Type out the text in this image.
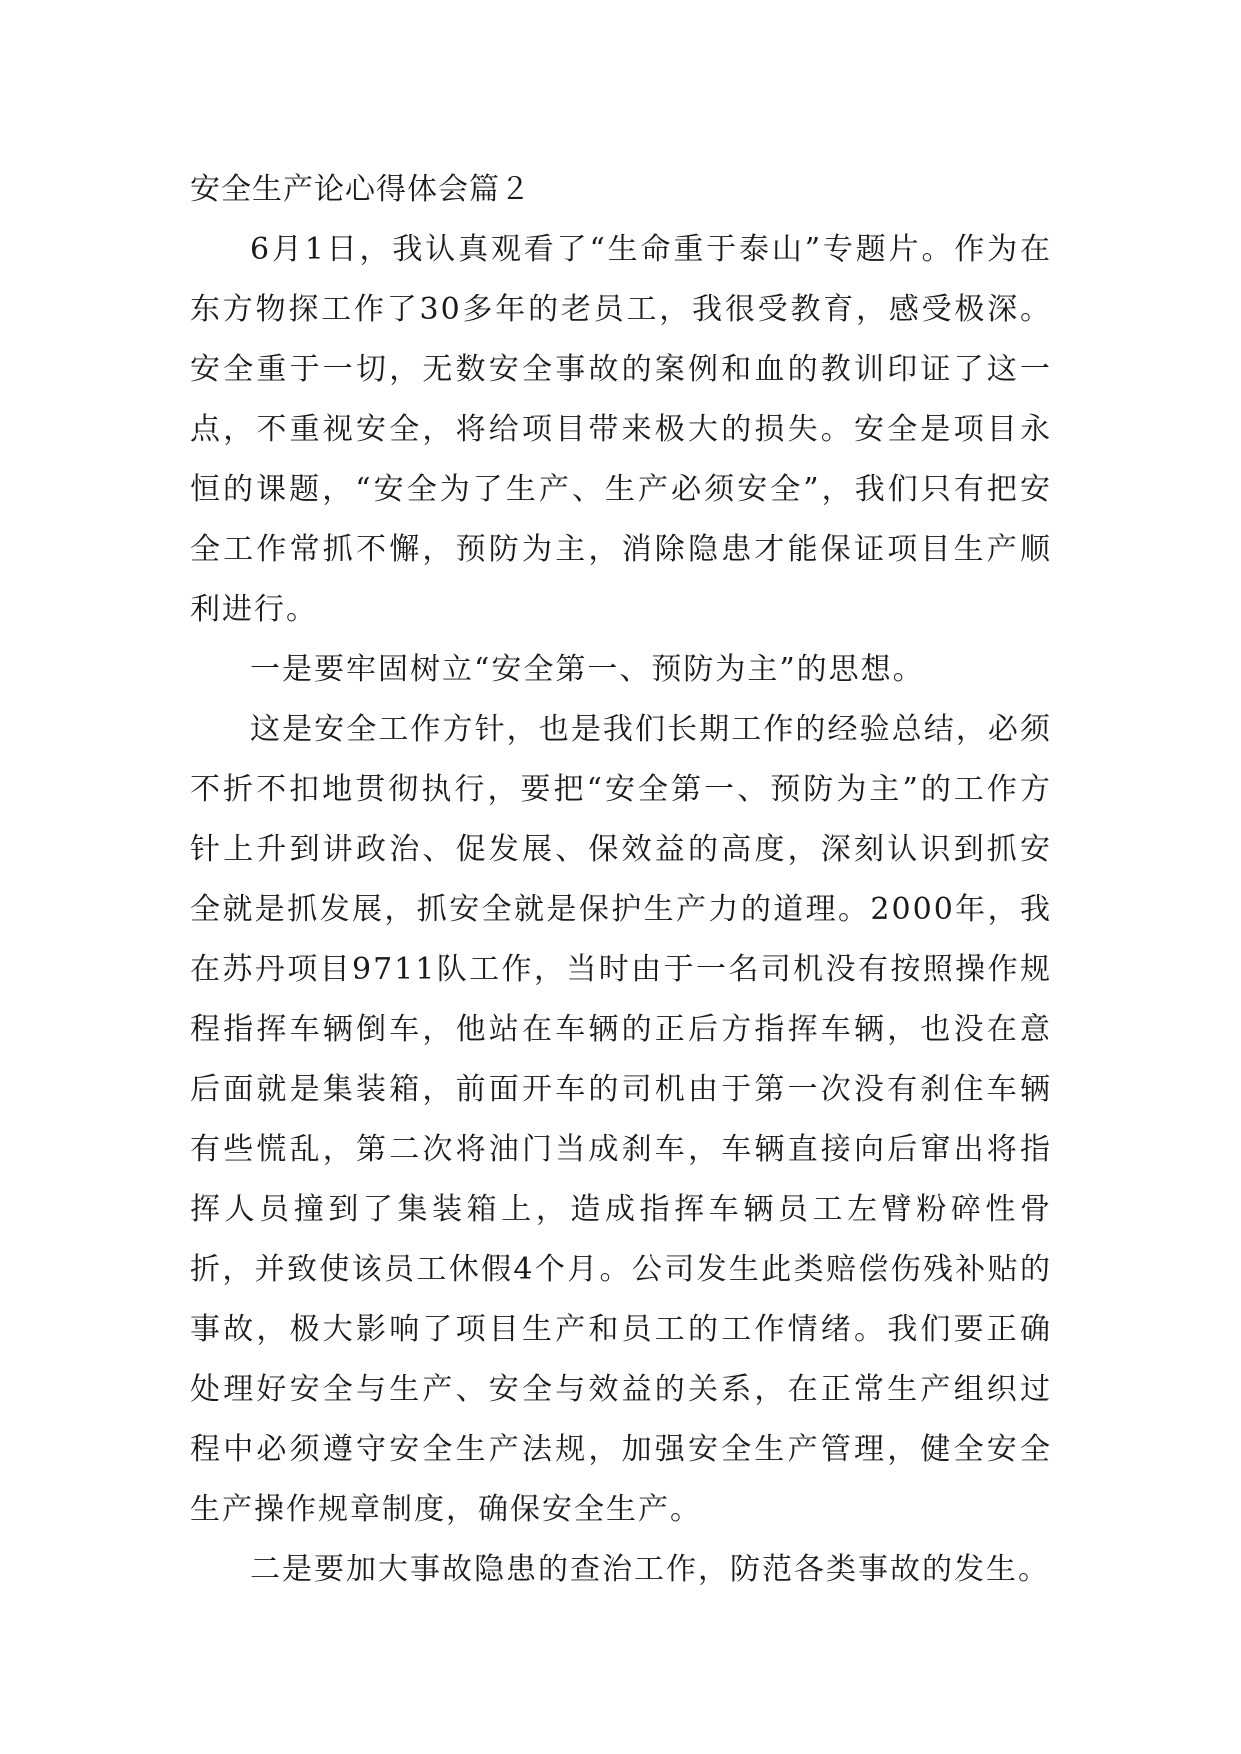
安全生产论心得体会篇２

6月1日，我认真观看了“生命重于泰山”专题片。作为在东方物探工作了30多年的老员工，我很受教育，感受极深。安全重于一切，无数安全事故的案例和血的教训印证了这一点，不重视安全，将给项目带来极大的损失。安全是项目永恒的课题，“安全为了生产、生产必须安全”，我们只有把安全工作常抓不懈，预防为主，消除隐患才能保证项目生产顺利进行。

一是要牢固树立“安全第一、预防为主”的思想。

这是安全工作方针，也是我们长期工作的经验总结，必须不折不扣地贯彻执行，要把“安全第一、预防为主”的工作方针上升到讲政治、促发展、保效益的高度，深刻认识到抓安全就是抓发展，抓安全就是保护生产力的道理。2000年，我在苏丹项目9711队工作，当时由于一名司机没有按照操作规程指挥车辆倒车，他站在车辆的正后方指挥车辆，也没在意后面就是集装箱，前面开车的司机由于第一次没有刹住车辆有些慌乱，第二次将油门当成刹车，车辆直接向后窜出将指挥人员撞到了集装箱上，造成指挥车辆员工左臂粉碎性骨折，并致使该员工休假4个月。公司发生此类赔偿伤残补贴的事故，极大影响了项目生产和员工的工作情绪。我们要正确处理好安全与生产、安全与效益的关系，在正常生产组织过程中必须遵守安全生产法规，加强安全生产管理，健全安全生产操作规章制度，确保安全生产。

二是要加大事故隐患的查治工作，防范各类事故的发生。
